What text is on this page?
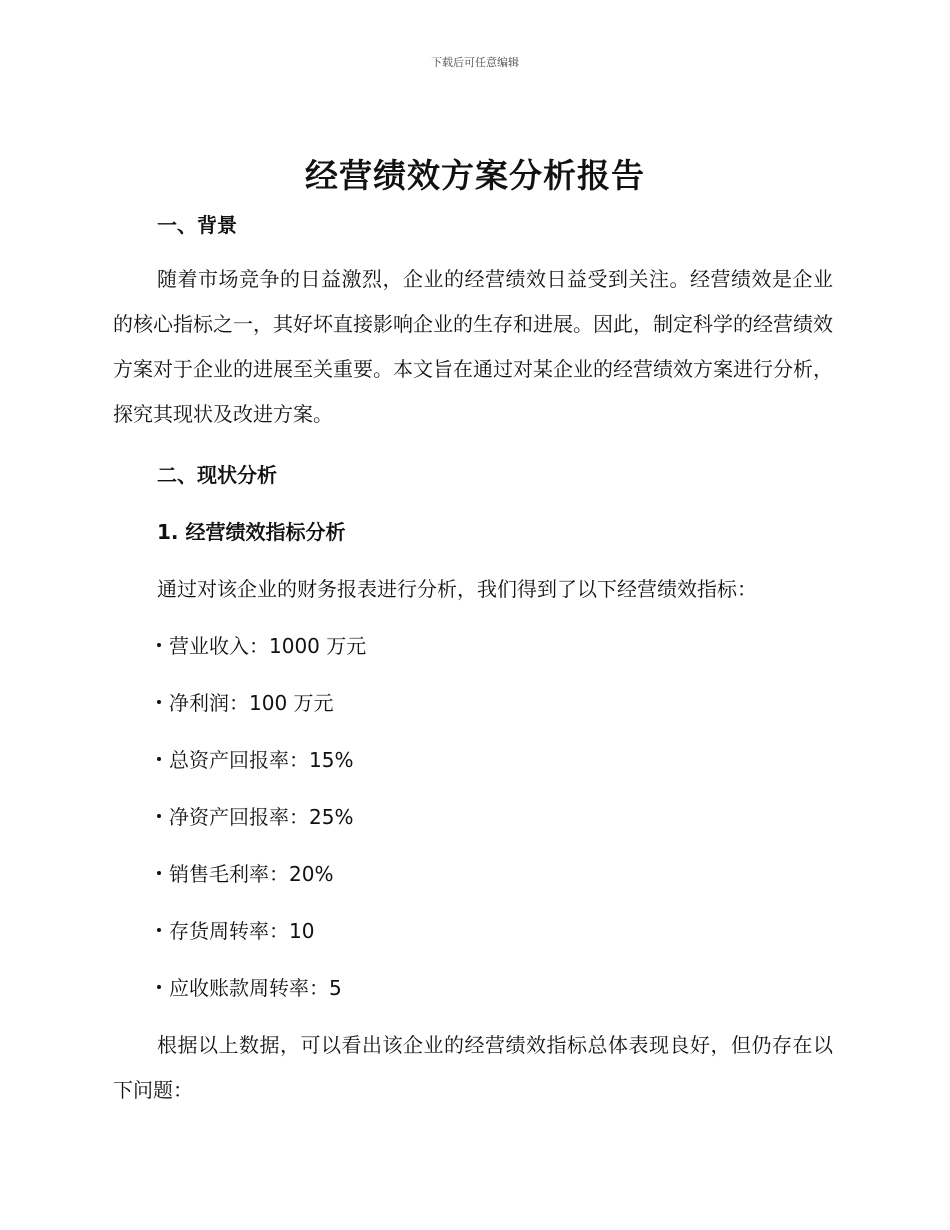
下载后可任意编辑
经营绩效方案分析报告
一、背景
随着市场竞争的日益激烈，企业的经营绩效日益受到关注。经营绩效是企业的核心指标之一，其好坏直接影响企业的生存和进展。因此，制定科学的经营绩效方案对于企业的进展至关重要。本文旨在通过对某企业的经营绩效方案进行分析，探究其现状及改进方案。
二、现状分析
1. 经营绩效指标分析
通过对该企业的财务报表进行分析，我们得到了以下经营绩效指标：
营业收入：1000 万元
净利润：100 万元
总资产回报率：15%
净资产回报率：25%
销售毛利率：20%
存货周转率：10
应收账款周转率：5
根据以上数据，可以看出该企业的经营绩效指标总体表现良好，但仍存在以下问题：
